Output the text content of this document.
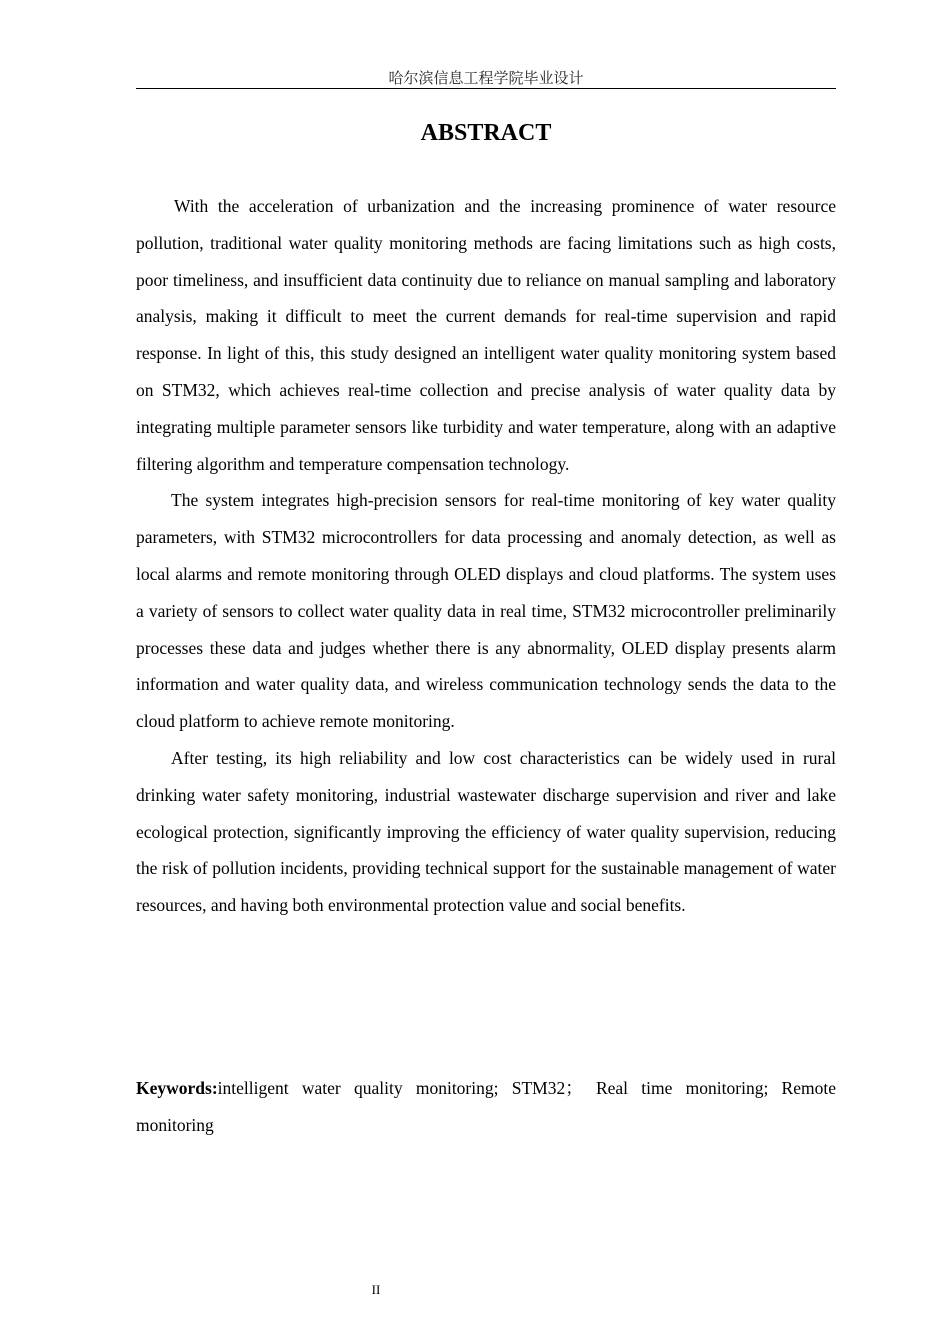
哈尔滨信息工程学院毕业设计
ABSTRACT

With the acceleration of urbanization and the increasing prominence of water resource pollution, traditional water quality monitoring methods are facing limitations such as high costs, poor timeliness, and insufficient data continuity due to reliance on manual sampling and laboratory analysis, making it difficult to meet the current demands for real-time supervision and rapid response. In light of this, this study designed an intelligent water quality monitoring system based on STM32, which achieves real-time collection and precise analysis of water quality data by integrating multiple parameter sensors like turbidity and water temperature, along with an adaptive filtering algorithm and temperature compensation technology.

The system integrates high-precision sensors for real-time monitoring of key water quality parameters, with STM32 microcontrollers for data processing and anomaly detection, as well as local alarms and remote monitoring through OLED displays and cloud platforms. The system uses a variety of sensors to collect water quality data in real time, STM32 microcontroller preliminarily processes these data and judges whether there is any abnormality, OLED display presents alarm information and water quality data, and wireless communication technology sends the data to the cloud platform to achieve remote monitoring.

After testing, its high reliability and low cost characteristics can be widely used in rural drinking water safety monitoring, industrial wastewater discharge supervision and river and lake ecological protection, significantly improving the efficiency of water quality supervision, reducing the risk of pollution incidents, providing technical support for the sustainable management of water resources, and having both environmental protection value and social benefits.

Keywords:intelligent water quality monitoring; STM32； Real time monitoring; Remote monitoring

II
